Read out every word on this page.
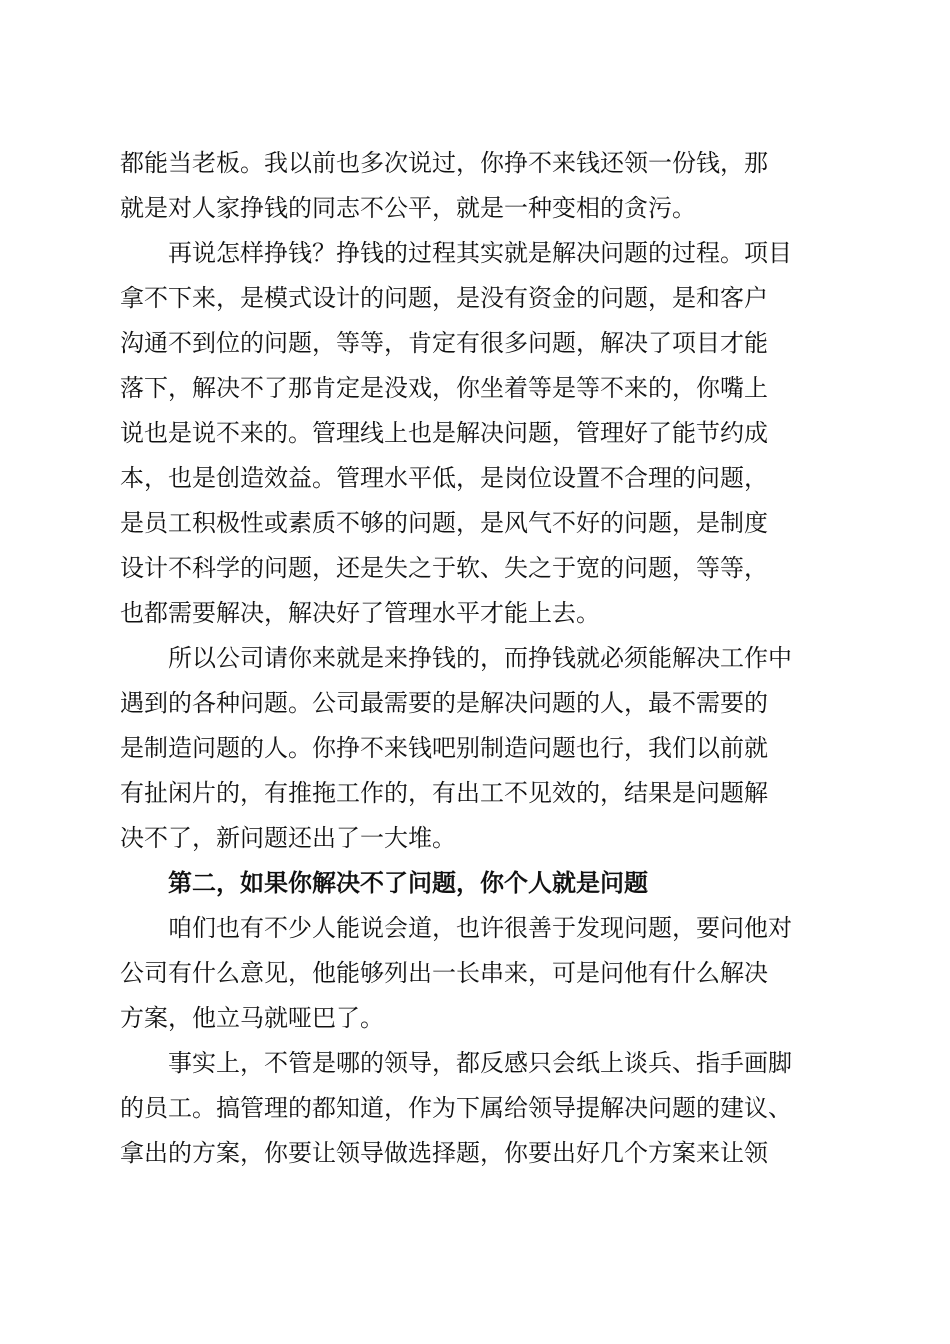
都能当老板。我以前也多次说过，你挣不来钱还领一份钱，那
就是对人家挣钱的同志不公平，就是一种变相的贪污。
再说怎样挣钱？挣钱的过程其实就是解决问题的过程。项目
拿不下来，是模式设计的问题，是没有资金的问题，是和客户
沟通不到位的问题，等等，肯定有很多问题，解决了项目才能
落下，解决不了那肯定是没戏，你坐着等是等不来的，你嘴上
说也是说不来的。管理线上也是解决问题，管理好了能节约成
本，也是创造效益。管理水平低，是岗位设置不合理的问题，
是员工积极性或素质不够的问题，是风气不好的问题，是制度
设计不科学的问题，还是失之于软、失之于宽的问题，等等，
也都需要解决，解决好了管理水平才能上去。
所以公司请你来就是来挣钱的，而挣钱就必须能解决工作中
遇到的各种问题。公司最需要的是解决问题的人，最不需要的
是制造问题的人。你挣不来钱吧别制造问题也行，我们以前就
有扯闲片的，有推拖工作的，有出工不见效的，结果是问题解
决不了，新问题还出了一大堆。
第二，如果你解决不了问题，你个人就是问题
咱们也有不少人能说会道，也许很善于发现问题，要问他对
公司有什么意见，他能够列出一长串来，可是问他有什么解决
方案，他立马就哑巴了。
事实上，不管是哪的领导，都反感只会纸上谈兵、指手画脚
的员工。搞管理的都知道，作为下属给领导提解决问题的建议、
拿出的方案，你要让领导做选择题，你要出好几个方案来让领
